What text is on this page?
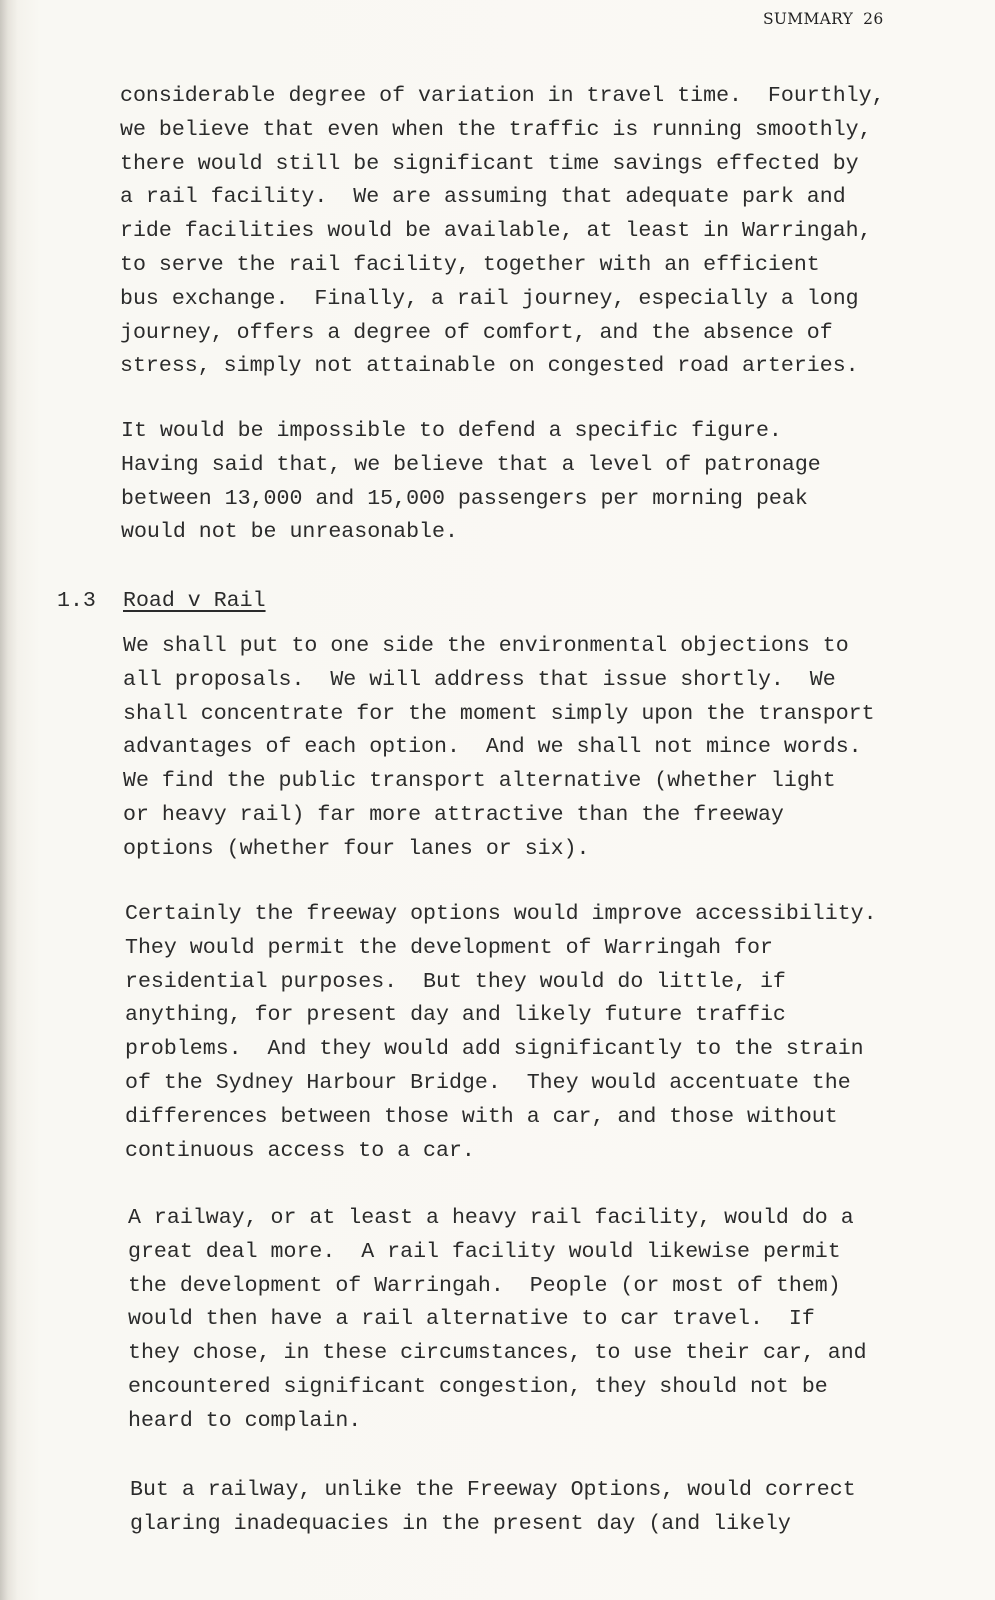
SUMMARY 26
considerable degree of variation in travel time.  Fourthly,
we believe that even when the traffic is running smoothly,
there would still be significant time savings effected by
a rail facility.  We are assuming that adequate park and
ride facilities would be available, at least in Warringah,
to serve the rail facility, together with an efficient
bus exchange.  Finally, a rail journey, especially a long
journey, offers a degree of comfort, and the absence of
stress, simply not attainable on congested road arteries.
It would be impossible to defend a specific figure.
Having said that, we believe that a level of patronage
between 13,000 and 15,000 passengers per morning peak
would not be unreasonable.
1.3 Road v Rail
We shall put to one side the environmental objections to
all proposals.  We will address that issue shortly.  We
shall concentrate for the moment simply upon the transport
advantages of each option.  And we shall not mince words.
We find the public transport alternative (whether light
or heavy rail) far more attractive than the freeway
options (whether four lanes or six).
Certainly the freeway options would improve accessibility.
They would permit the development of Warringah for
residential purposes.  But they would do little, if
anything, for present day and likely future traffic
problems.  And they would add significantly to the strain
of the Sydney Harbour Bridge.  They would accentuate the
differences between those with a car, and those without
continuous access to a car.
A railway, or at least a heavy rail facility, would do a
great deal more.  A rail facility would likewise permit
the development of Warringah.  People (or most of them)
would then have a rail alternative to car travel.  If
they chose, in these circumstances, to use their car, and
encountered significant congestion, they should not be
heard to complain.
But a railway, unlike the Freeway Options, would correct
glaring inadequacies in the present day (and likely
